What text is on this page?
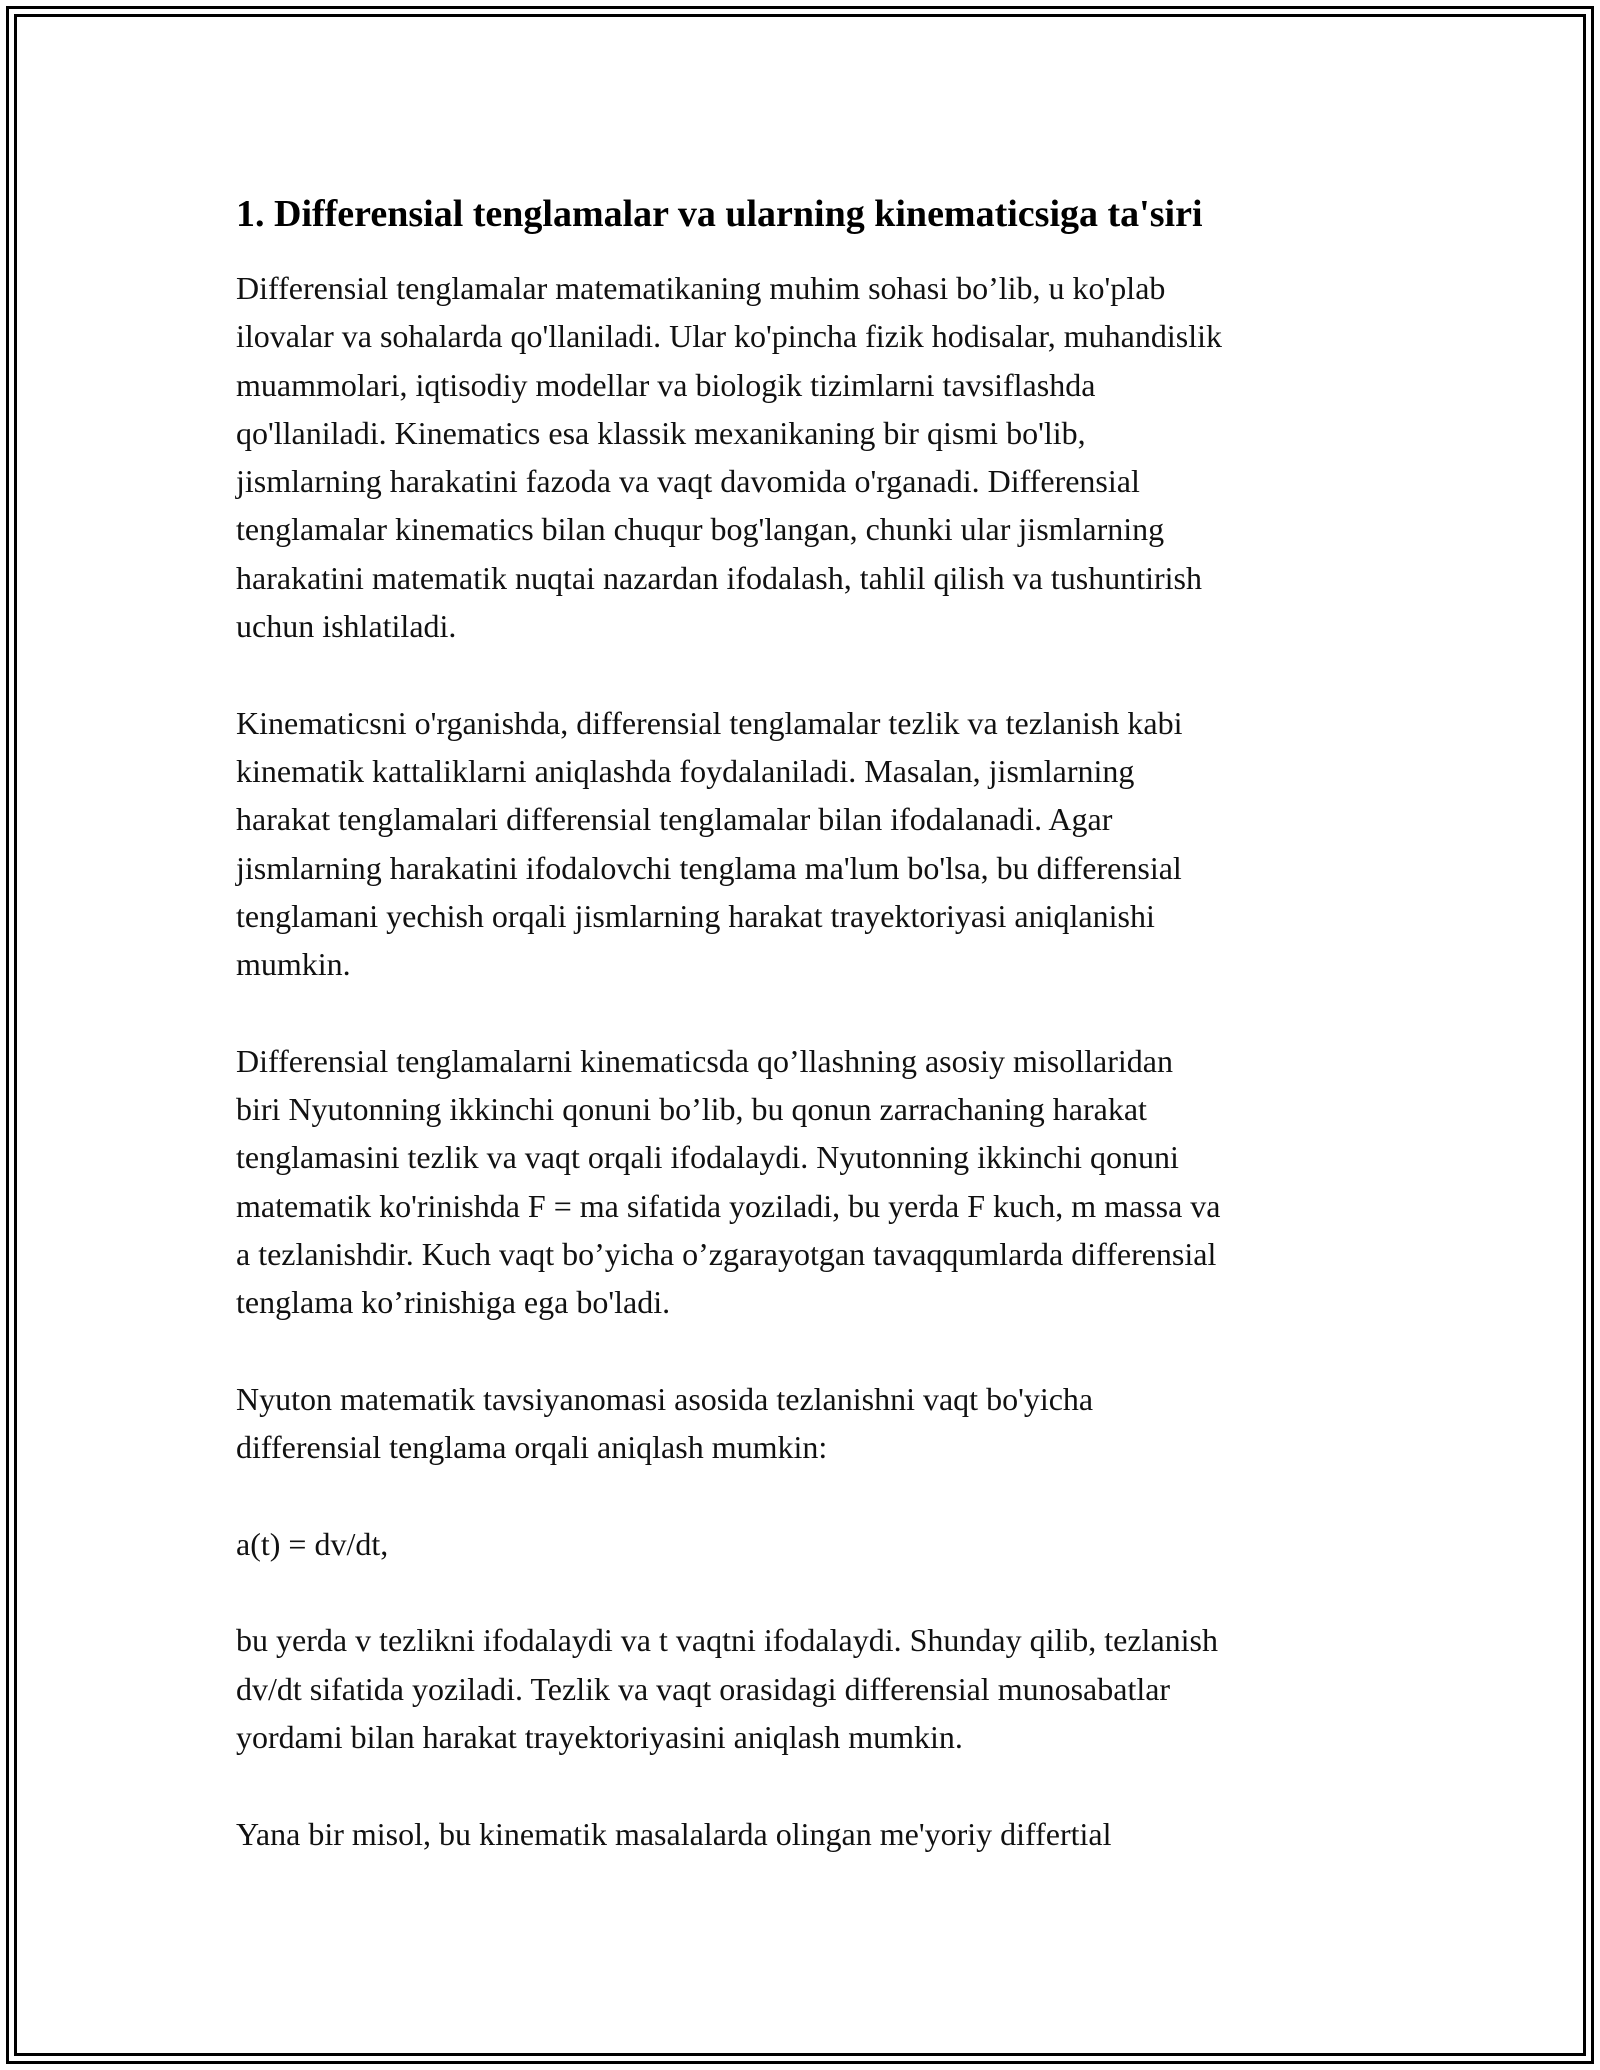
1. Differensial tenglamalar va ularning kinematicsiga ta'siri
Differensial tenglamalar matematikaning muhim sohasi bo’lib, u ko'plab
ilovalar va sohalarda qo'llaniladi. Ular ko'pincha fizik hodisalar, muhandislik
muammolari, iqtisodiy modellar va biologik tizimlarni tavsiflashda
qo'llaniladi. Kinematics esa klassik mexanikaning bir qismi bo'lib,
jismlarning harakatini fazoda va vaqt davomida o'rganadi. Differensial
tenglamalar kinematics bilan chuqur bog'langan, chunki ular jismlarning
harakatini matematik nuqtai nazardan ifodalash, tahlil qilish va tushuntirish
uchun ishlatiladi.
Kinematicsni o'rganishda, differensial tenglamalar tezlik va tezlanish kabi
kinematik kattaliklarni aniqlashda foydalaniladi. Masalan, jismlarning
harakat tenglamalari differensial tenglamalar bilan ifodalanadi. Agar
jismlarning harakatini ifodalovchi tenglama ma'lum bo'lsa, bu differensial
tenglamani yechish orqali jismlarning harakat trayektoriyasi aniqlanishi
mumkin.
Differensial tenglamalarni kinematicsda qo’llashning asosiy misollaridan
biri Nyutonning ikkinchi qonuni bo’lib, bu qonun zarrachaning harakat
tenglamasini tezlik va vaqt orqali ifodalaydi. Nyutonning ikkinchi qonuni
matematik ko'rinishda F = ma sifatida yoziladi, bu yerda F kuch, m massa va
a tezlanishdir. Kuch vaqt bo’yicha o’zgarayotgan tavaqqumlarda differensial
tenglama ko’rinishiga ega bo'ladi.
Nyuton matematik tavsiyanomasi asosida tezlanishni vaqt bo'yicha
differensial tenglama orqali aniqlash mumkin:
a(t) = dv/dt,
bu yerda v tezlikni ifodalaydi va t vaqtni ifodalaydi. Shunday qilib, tezlanish
dv/dt sifatida yoziladi. Tezlik va vaqt orasidagi differensial munosabatlar
yordami bilan harakat trayektoriyasini aniqlash mumkin.
Yana bir misol, bu kinematik masalalarda olingan me'yoriy differtial
